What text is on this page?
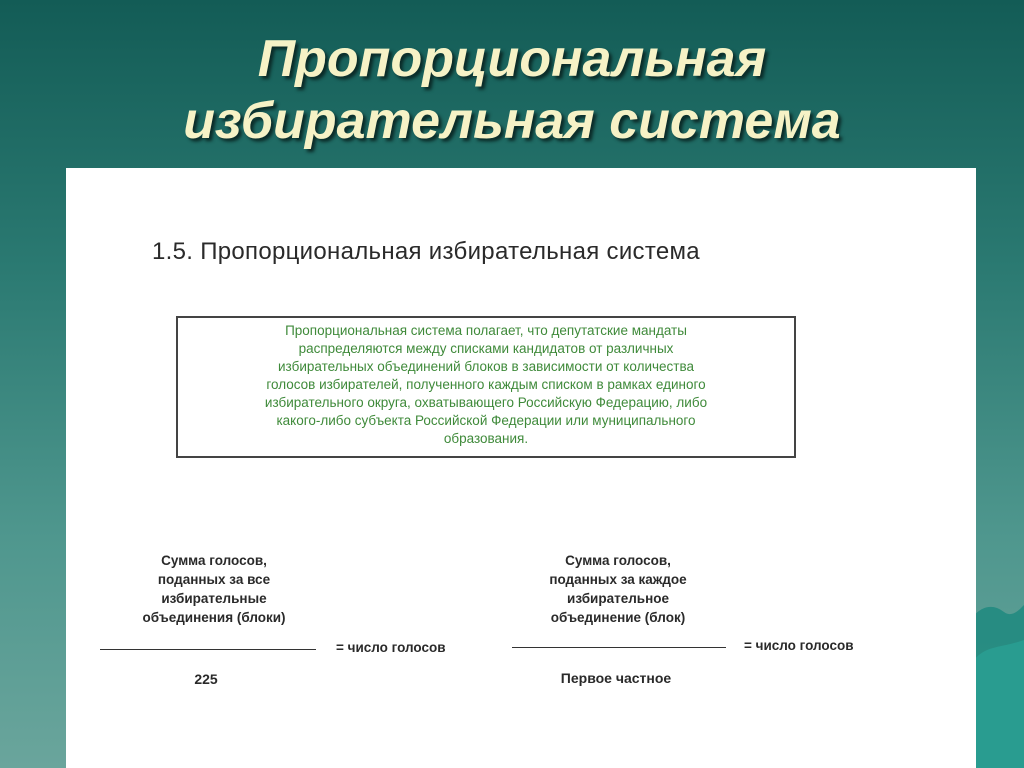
Пропорциональная
избирательная система
1.5. Пропорциональная избирательная система
Пропорциональная система полагает, что депутатские мандаты
распределяются между списками кандидатов от различных
избирательных объединений блоков в зависимости от количества
голосов избирателей, полученного каждым списком в рамках единого
избирательного округа, охватывающего Российскую Федерацию, либо
какого-либо субъекта Российской Федерации или муниципального
образования.
Сумма голосов,
поданных за все
избирательные
объединения (блоки)
= число голосов
225
Сумма голосов,
поданных за каждое
избирательное
объединение (блок)
= число голосов
Первое частное
